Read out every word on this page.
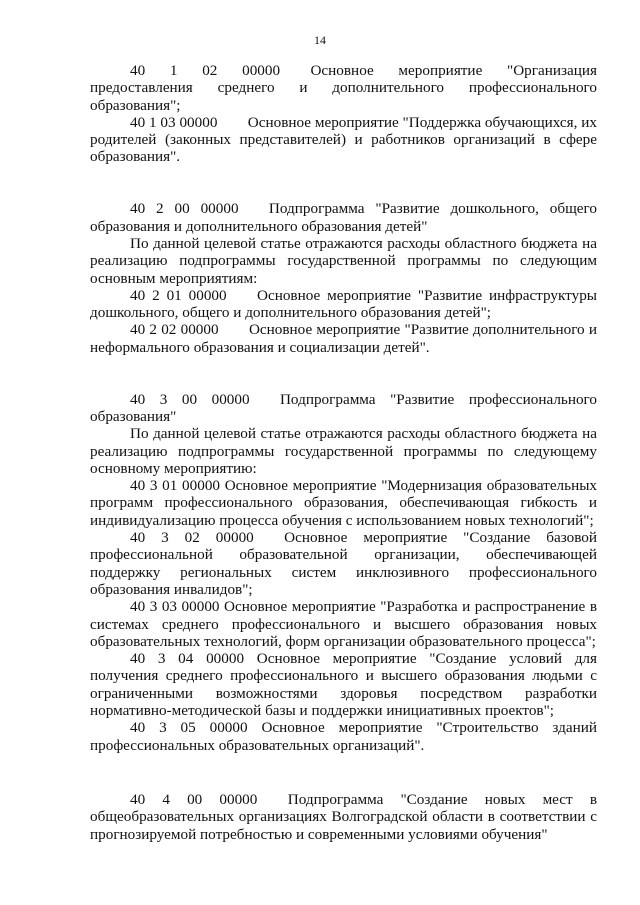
14

40 1 02 00000  Основное мероприятие "Организация предоставления среднего и дополнительного профессионального образования";

40 1 03 00000  Основное мероприятие "Поддержка обучающихся, их родителей (законных представителей) и работников организаций в сфере образования".

40 2 00 00000  Подпрограмма "Развитие дошкольного, общего образования и дополнительного образования детей"

По данной целевой статье отражаются расходы областного бюджета на реализацию подпрограммы государственной программы по следующим основным мероприятиям:

40 2 01 00000  Основное мероприятие "Развитие инфраструктуры дошкольного, общего и дополнительного образования детей";

40 2 02 00000  Основное мероприятие "Развитие дополнительного и неформального образования и социализации детей".

40 3 00 00000  Подпрограмма "Развитие профессионального образования"

По данной целевой статье отражаются расходы областного бюджета на реализацию подпрограммы государственной программы по следующему основному мероприятию:

40 3 01 00000 Основное мероприятие "Модернизация образовательных программ профессионального образования, обеспечивающая гибкость и индивидуализацию процесса обучения с использованием новых технологий";

40 3 02 00000  Основное мероприятие "Создание базовой профессиональной образовательной организации, обеспечивающей поддержку региональных систем инклюзивного профессионального образования инвалидов";

40 3 03 00000 Основное мероприятие "Разработка и распространение в системах среднего профессионального и высшего образования новых образовательных технологий, форм организации образовательного процесса";

40 3 04 00000 Основное мероприятие "Создание условий для получения среднего профессионального и высшего образования людьми с ограниченными возможностями здоровья посредством разработки нормативно-методической базы и поддержки инициативных проектов";

40 3 05 00000 Основное мероприятие "Строительство зданий профессиональных образовательных организаций".

40 4 00 00000  Подпрограмма "Создание новых мест в общеобразовательных организациях Волгоградской области в соответствии с прогнозируемой потребностью и современными условиями обучения"
